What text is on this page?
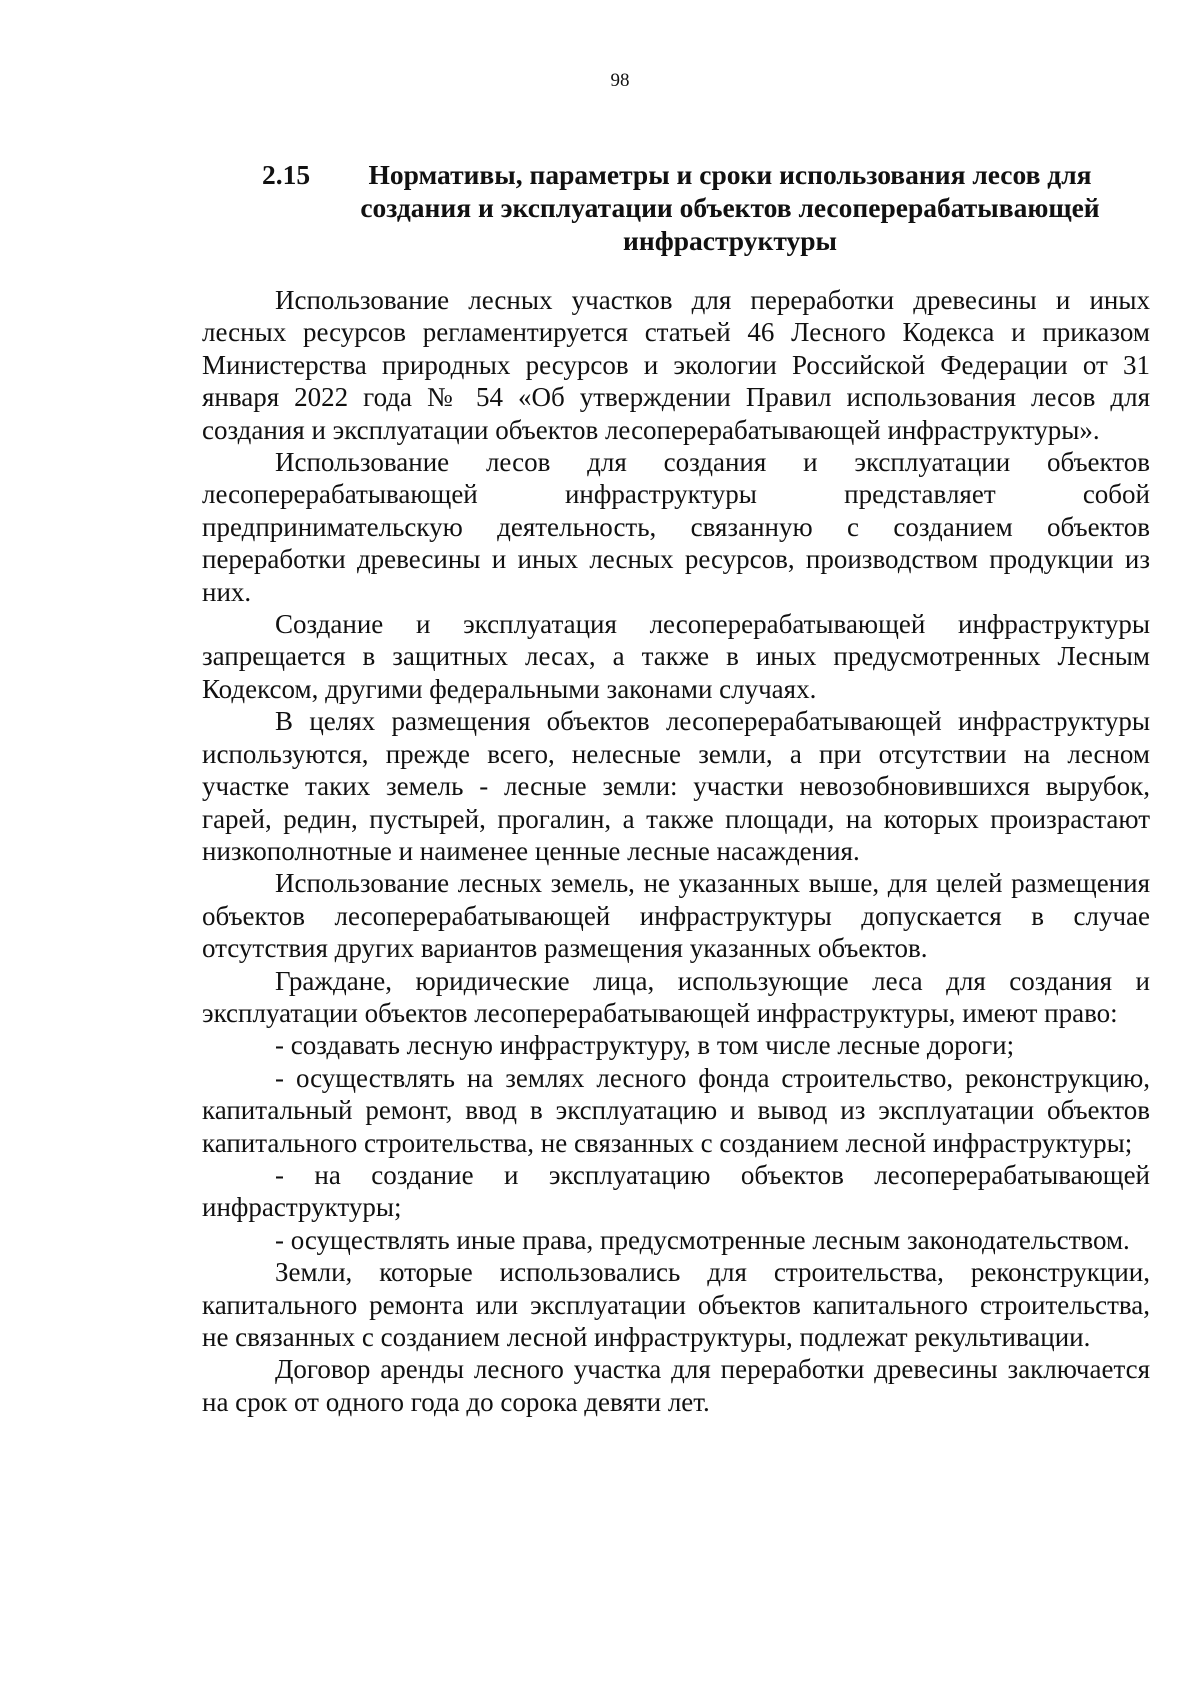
98
2.15	Нормативы, параметры и сроки использования лесов для создания и эксплуатации объектов лесоперерабатывающей инфраструктуры

Использование лесных участков для переработки древесины и иных лесных ресурсов регламентируется статьей 46 Лесного Кодекса и приказом Министерства природных ресурсов и экологии Российской Федерации от 31 января 2022 года № 54 «Об утверждении Правил использования лесов для создания и эксплуатации объектов лесоперерабатывающей инфраструктуры».

Использование лесов для создания и эксплуатации объектов лесоперерабатывающей инфраструктуры представляет собой предпринимательскую деятельность, связанную с созданием объектов переработки древесины и иных лесных ресурсов, производством продукции из них.

Создание и эксплуатация лесоперерабатывающей инфраструктуры запрещается в защитных лесах, а также в иных предусмотренных Лесным Кодексом, другими федеральными законами случаях.

В целях размещения объектов лесоперерабатывающей инфраструктуры используются, прежде всего, нелесные земли, а при отсутствии на лесном участке таких земель - лесные земли: участки невозобновившихся вырубок, гарей, редин, пустырей, прогалин, а также площади, на которых произрастают низкополнотные и наименее ценные лесные насаждения.

Использование лесных земель, не указанных выше, для целей размещения объектов лесоперерабатывающей инфраструктуры допускается в случае отсутствия других вариантов размещения указанных объектов.

Граждане, юридические лица, использующие леса для создания и эксплуатации объектов лесоперерабатывающей инфраструктуры, имеют право:

- создавать лесную инфраструктуру, в том числе лесные дороги;

- осуществлять на землях лесного фонда строительство, реконструкцию, капитальный ремонт, ввод в эксплуатацию и вывод из эксплуатации объектов капитального строительства, не связанных с созданием лесной инфраструктуры;

- на создание и эксплуатацию объектов лесоперерабатывающей инфраструктуры;

- осуществлять иные права, предусмотренные лесным законодательством.

Земли, которые использовались для строительства, реконструкции, капитального ремонта или эксплуатации объектов капитального строительства, не связанных с созданием лесной инфраструктуры, подлежат рекультивации.

Договор аренды лесного участка для переработки древесины заключается на срок от одного года до сорока девяти лет.
